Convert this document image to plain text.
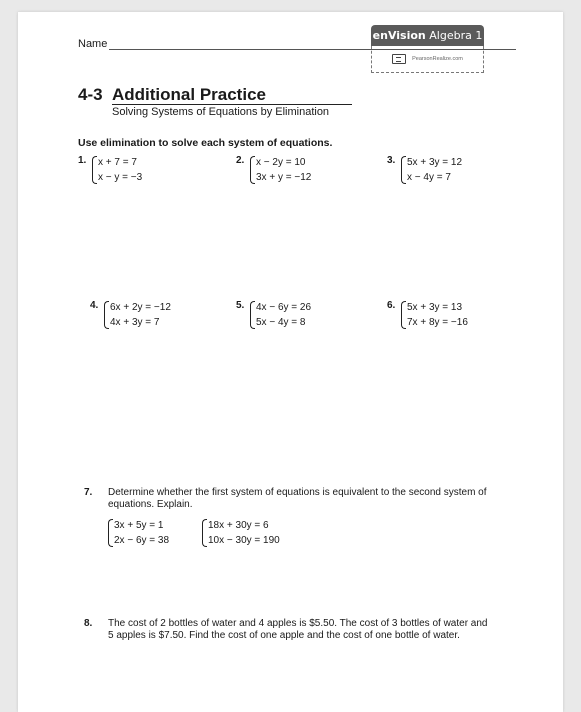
Name
enVision
Algebra 1
PearsonRealize.com
4-3 Additional Practice
Solving Systems of Equations by Elimination
Use elimination to solve each system of equations.
1. x + 7 = 7
x − y = −3
2. x − 2y = 10
3x + y = −12
3. 5x + 3y = 12
x − 4y = 7
4. 6x + 2y = −12
4x + 3y = 7
5. 4x − 6y = 26
5x − 4y = 8
6. 5x + 3y = 13
7x + 8y = −16
7. Determine whether the first system of equations is equivalent to the second system of equations. Explain.
3x + 5y = 1
2x − 6y = 38
18x + 30y = 6
10x − 30y = 190
8. The cost of 2 bottles of water and 4 apples is $5.50. The cost of 3 bottles of water and 5 apples is $7.50. Find the cost of one apple and the cost of one bottle of water.
